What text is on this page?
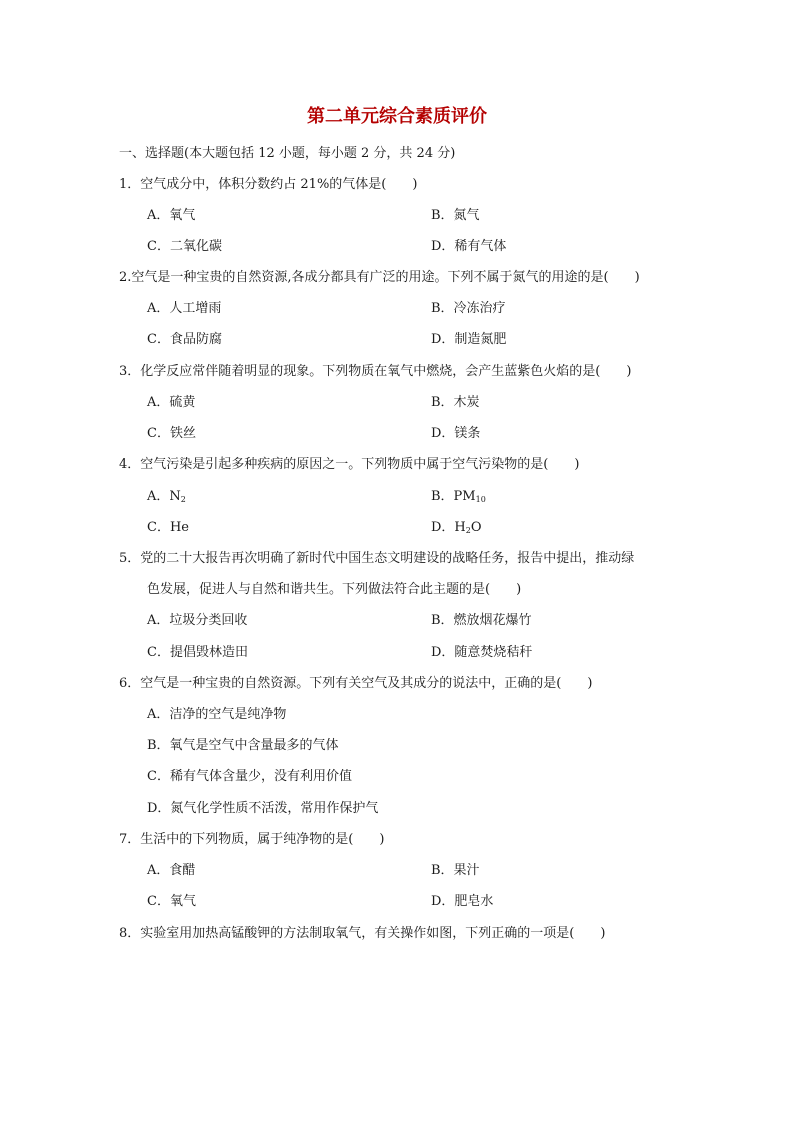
第二单元综合素质评价
一、选择题(本大题包括 12 小题，每小题 2 分，共 24 分)
1．空气成分中，体积分数约占 21%的气体是(　　)
A．氧气	B．氮气
C．二氧化碳	D．稀有气体
2.空气是一种宝贵的自然资源,各成分都具有广泛的用途。下列不属于氮气的用途的是(　　)
A．人工增雨	B．冷冻治疗
C．食品防腐	D．制造氮肥
3．化学反应常伴随着明显的现象。下列物质在氧气中燃烧，会产生蓝紫色火焰的是(　　)
A．硫黄	B．木炭
C．铁丝	D．镁条
4．空气污染是引起多种疾病的原因之一。下列物质中属于空气污染物的是(　　)
A．$N_2$	B．$PM_{10}$
C．He	D．$H_2O$
5．党的二十大报告再次明确了新时代中国生态文明建设的战略任务，报告中提出，推动绿
色发展，促进人与自然和谐共生。下列做法符合此主题的是(　　)
A．垃圾分类回收	B．燃放烟花爆竹
C．提倡毁林造田	D．随意焚烧秸秆
6．空气是一种宝贵的自然资源。下列有关空气及其成分的说法中，正确的是(　　)
A．洁净的空气是纯净物
B．氧气是空气中含量最多的气体
C．稀有气体含量少，没有利用价值
D．氮气化学性质不活泼，常用作保护气
7．生活中的下列物质，属于纯净物的是(　　)
A．食醋	B．果汁
C．氧气	D．肥皂水
8．实验室用加热高锰酸钾的方法制取氧气，有关操作如图，下列正确的一项是(　　)
